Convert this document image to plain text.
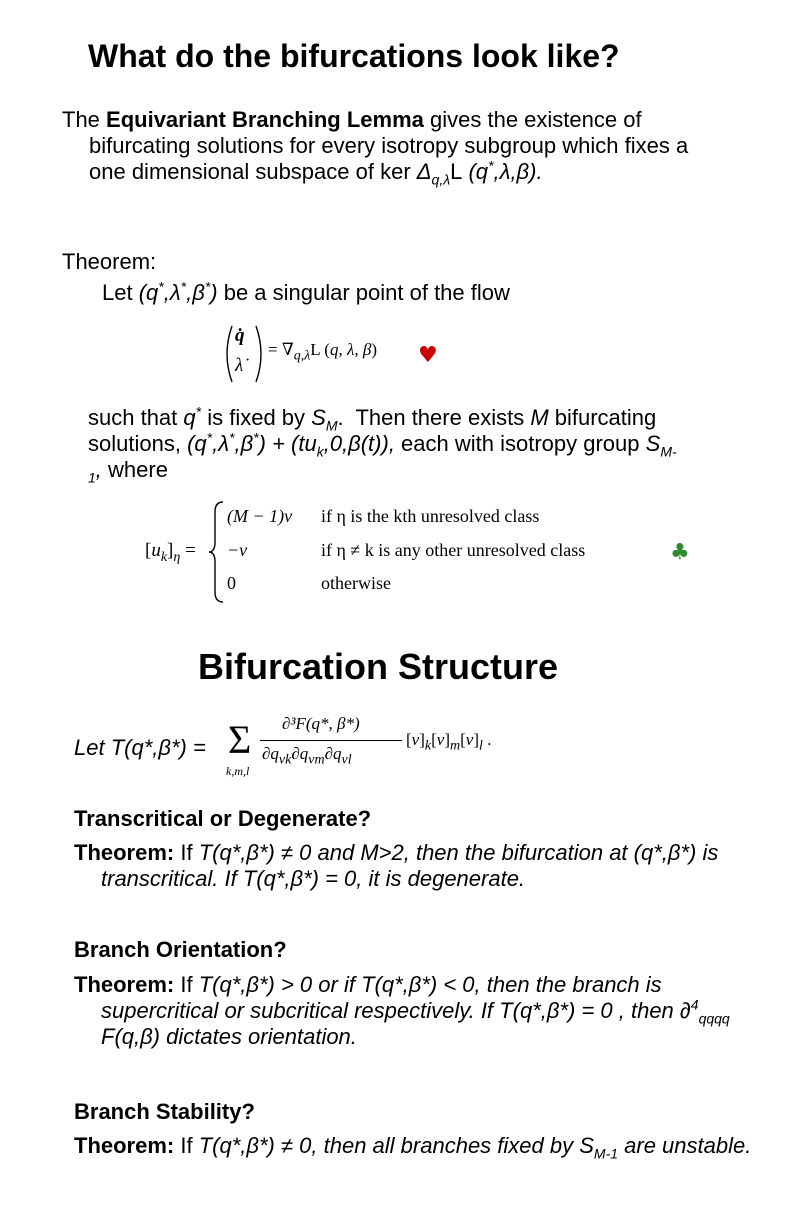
What do the bifurcations look like?
The Equivariant Branching Lemma gives the existence of bifurcating solutions for every isotropy subgroup which fixes a one dimensional subspace of ker $\Delta_{q,\lambda}L$ (q*,λ,β).
Theorem:
Let (q*,λ*,β*) be a singular point of the flow
q̇
λ̇
= $\nabla_{q,\lambda}L$ (q, λ, β) ♥
such that q* is fixed by $S_M$.  Then there exists M bifurcating solutions, $(q^*,\lambda^*,\beta^*) + (tu_k,0,\beta(t))$, each with isotropy group $S_{M-1}$, where
$[u_k]_\eta$ =
(M − 1)v if η is the kth unresolved class
−v	if η ≠ k is any other unresolved class
0	otherwise
♣
Bifurcation Structure
Let T(q*,β*) = Σ
k,m,l
∂³F(q*, β*)
$\partial q_{\nu k}\partial q_{\nu m}\partial q_{\nu l}$
$[v]_k[v]_m[v]_l$ .
Transcritical or Degenerate?
Theorem: If T(q*,β*) ≠ 0 and M>2, then the bifurcation at (q*,β*) is transcritical. If T(q*,β*) = 0, it is degenerate.
Branch Orientation?
Theorem: If T(q*,β*) > 0 or if T(q*,β*) < 0, then the branch is supercritical or subcritical respectively. If T(q*,β*) = 0 , then ∂$^4_{qqqq}$ F(q,β) dictates orientation.
Branch Stability?
Theorem: If T(q*,β*) ≠ 0, then all branches fixed by $S_{M-1}$ are unstable.
